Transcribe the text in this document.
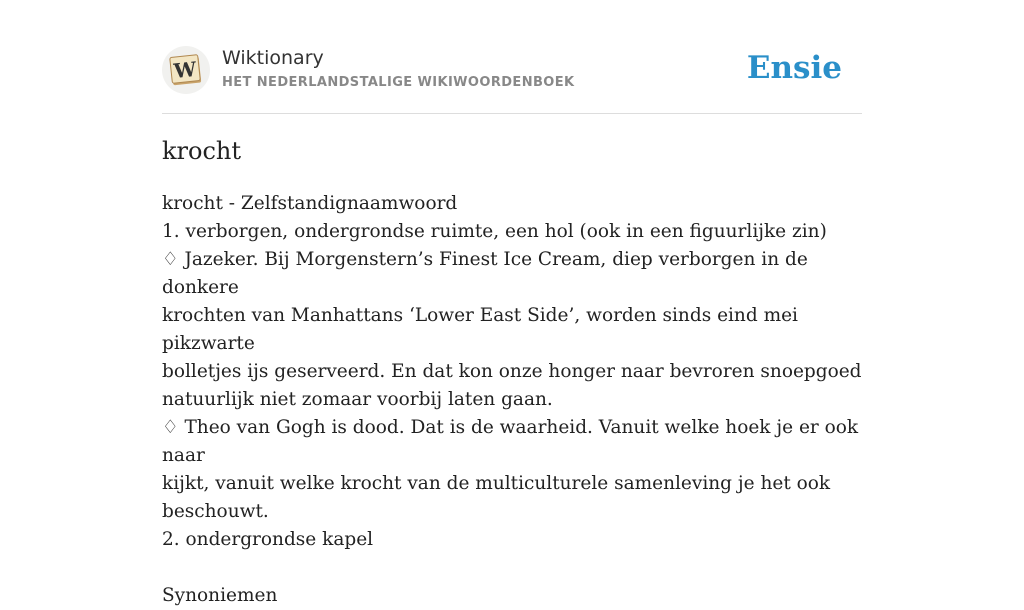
W Wiktionary
HET NEDERLANDSTALIGE WIKIWOORDENBOEK	Ensie
krocht
krocht - Zelfstandignaamwoord
1. verborgen, ondergrondse ruimte, een hol (ook in een figuurlijke zin)
♢ Jazeker. Bij Morgenstern’s Finest Ice Cream, diep verborgen in de donkere
krochten van Manhattans ‘Lower East Side’, worden sinds eind mei pikzwarte
bolletjes ijs geserveerd. En dat kon onze honger naar bevroren snoepgoed
natuurlijk niet zomaar voorbij laten gaan.
♢ Theo van Gogh is dood. Dat is de waarheid. Vanuit welke hoek je er ook naar
kijkt, vanuit welke krocht van de multiculturele samenleving je het ook
beschouwt.
2. ondergrondse kapel
Synoniemen
